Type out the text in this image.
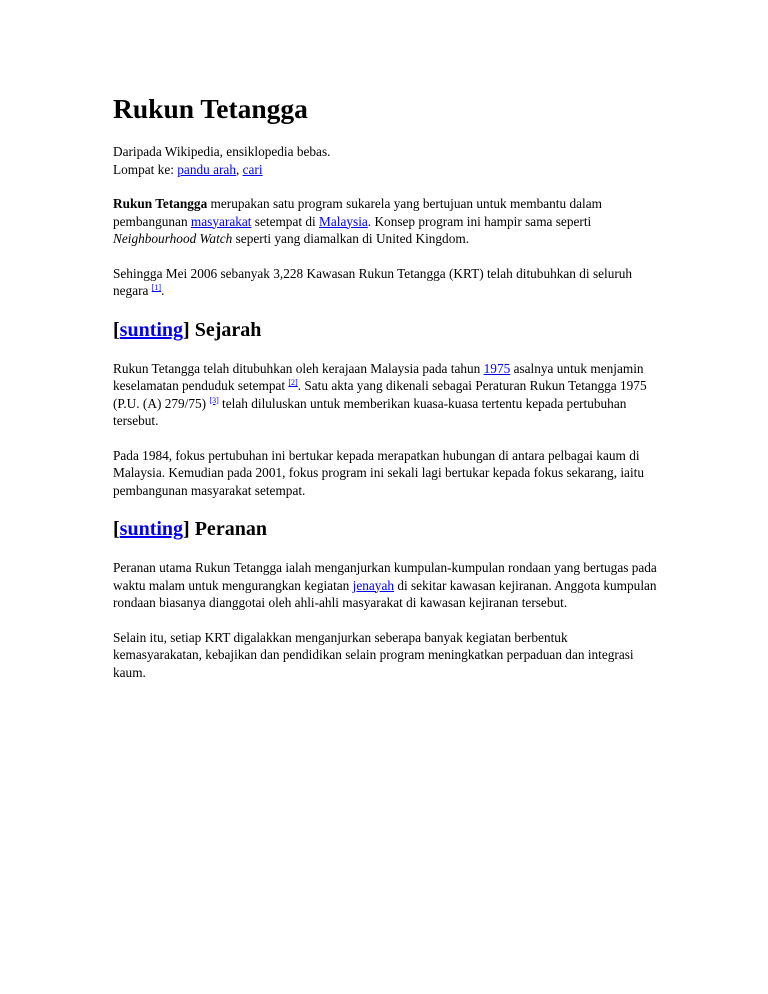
Rukun Tetangga

Daripada Wikipedia, ensiklopedia bebas.

Lompat ke: pandu arah, cari

Rukun Tetangga merupakan satu program sukarela yang bertujuan untuk membantu dalam pembangunan masyarakat setempat di Malaysia. Konsep program ini hampir sama seperti Neighbourhood Watch seperti yang diamalkan di United Kingdom.

Sehingga Mei 2006 sebanyak 3,228 Kawasan Rukun Tetangga (KRT) telah ditubuhkan di seluruh negara [1].

[sunting] Sejarah

Rukun Tetangga telah ditubuhkan oleh kerajaan Malaysia pada tahun 1975 asalnya untuk menjamin keselamatan penduduk setempat [2]. Satu akta yang dikenali sebagai Peraturan Rukun Tetangga 1975 (P.U. (A) 279/75) [3] telah diluluskan untuk memberikan kuasa-kuasa tertentu kepada pertubuhan tersebut.

Pada 1984, fokus pertubuhan ini bertukar kepada merapatkan hubungan di antara pelbagai kaum di Malaysia. Kemudian pada 2001, fokus program ini sekali lagi bertukar kepada fokus sekarang, iaitu pembangunan masyarakat setempat.

[sunting] Peranan

Peranan utama Rukun Tetangga ialah menganjurkan kumpulan-kumpulan rondaan yang bertugas pada waktu malam untuk mengurangkan kegiatan jenayah di sekitar kawasan kejiranan. Anggota kumpulan rondaan biasanya dianggotai oleh ahli-ahli masyarakat di kawasan kejiranan tersebut.

Selain itu, setiap KRT digalakkan menganjurkan seberapa banyak kegiatan berbentuk kemasyarakatan, kebajikan dan pendidikan selain program meningkatkan perpaduan dan integrasi kaum.
